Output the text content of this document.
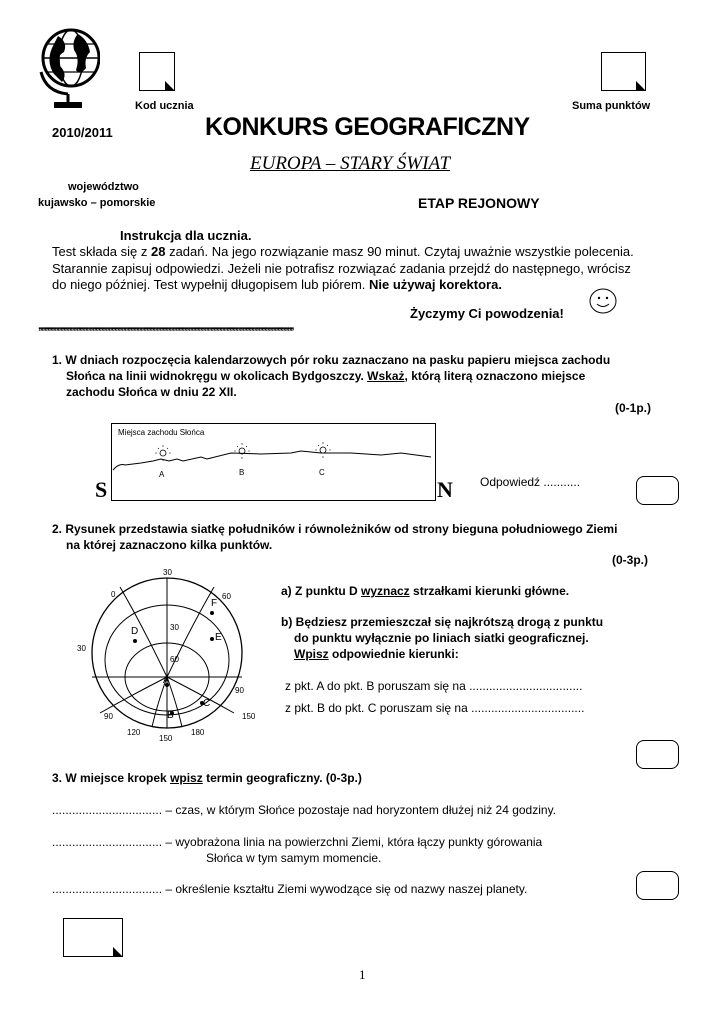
Kod ucznia	Suma punktów
2010/2011	KONKURS GEOGRAFICZNY
EUROPA – STARY ŚWIAT
województwo
kujawsko – pomorskie	ETAP REJONOWY
Instrukcja dla ucznia.
Test składa się z 28 zadań. Na jego rozwiązanie masz 90 minut. Czytaj uważnie wszystkie polecenia.
Starannie zapisuj odpowiedzi. Jeżeli nie potrafisz rozwiązać zadania przejdź do następnego, wrócisz
do niego później. Test wypełnij długopisem lub piórem. Nie używaj korektora.
Życzymy Ci powodzenia!
,,,,,,,,,,,,,,,,,,,,,,,,,,,,,,,,,,,,,,,,,,,,,,,,,,,,,,,,,,,,,,,,,,,,,,,,,,,,,,,,,,,,,,,,,,,,,,,,,,,,,,,,,,,,,,,,,,,,,,,,,,,,,,,,,,,,,,,,,,,,,,,,,,,,,,,,,,,,,,,,,,,,,,,,,,,,,,,
1. W dniach rozpoczęcia kalendarzowych pór roku zaznaczano na pasku papieru miejsca zachodu
Słońca na linii widnokręgu w okolicach Bydgoszczy. Wskaż, którą literą oznaczono miejsce
zachodu Słońca w dniu 22 XII.
(0-1p.)
Miejsca zachodu Słońca
A	B	C
S	N Odpowiedź ...........
2. Rysunek przedstawia siatkę południków i równoleżników od strony bieguna południowego Ziemi
na której zaznaczono kilka punktów.
(0-3p.)
30
0	60
30
60
30
90
90	150
120
150
180
D
F
E
A
B
C
a) Z punktu D wyznacz strzałkami kierunki główne.
b) Będziesz przemieszczał się najkrótszą drogą z punktu
do punktu wyłącznie po liniach siatki geograficznej.
Wpisz odpowiednie kierunki:
z pkt. A do pkt. B poruszam się na ..................................
z pkt. B do pkt. C poruszam się na ..................................
3. W miejsce kropek wpisz termin geograficzny. (0-3p.)
................................. – czas, w którym Słońce pozostaje nad horyzontem dłużej niż 24 godziny.
................................. – wyobrażona linia na powierzchni Ziemi, która łączy punkty górowania
Słońca w tym samym momencie.
................................. – określenie kształtu Ziemi wywodzące się od nazwy naszej planety.
1
